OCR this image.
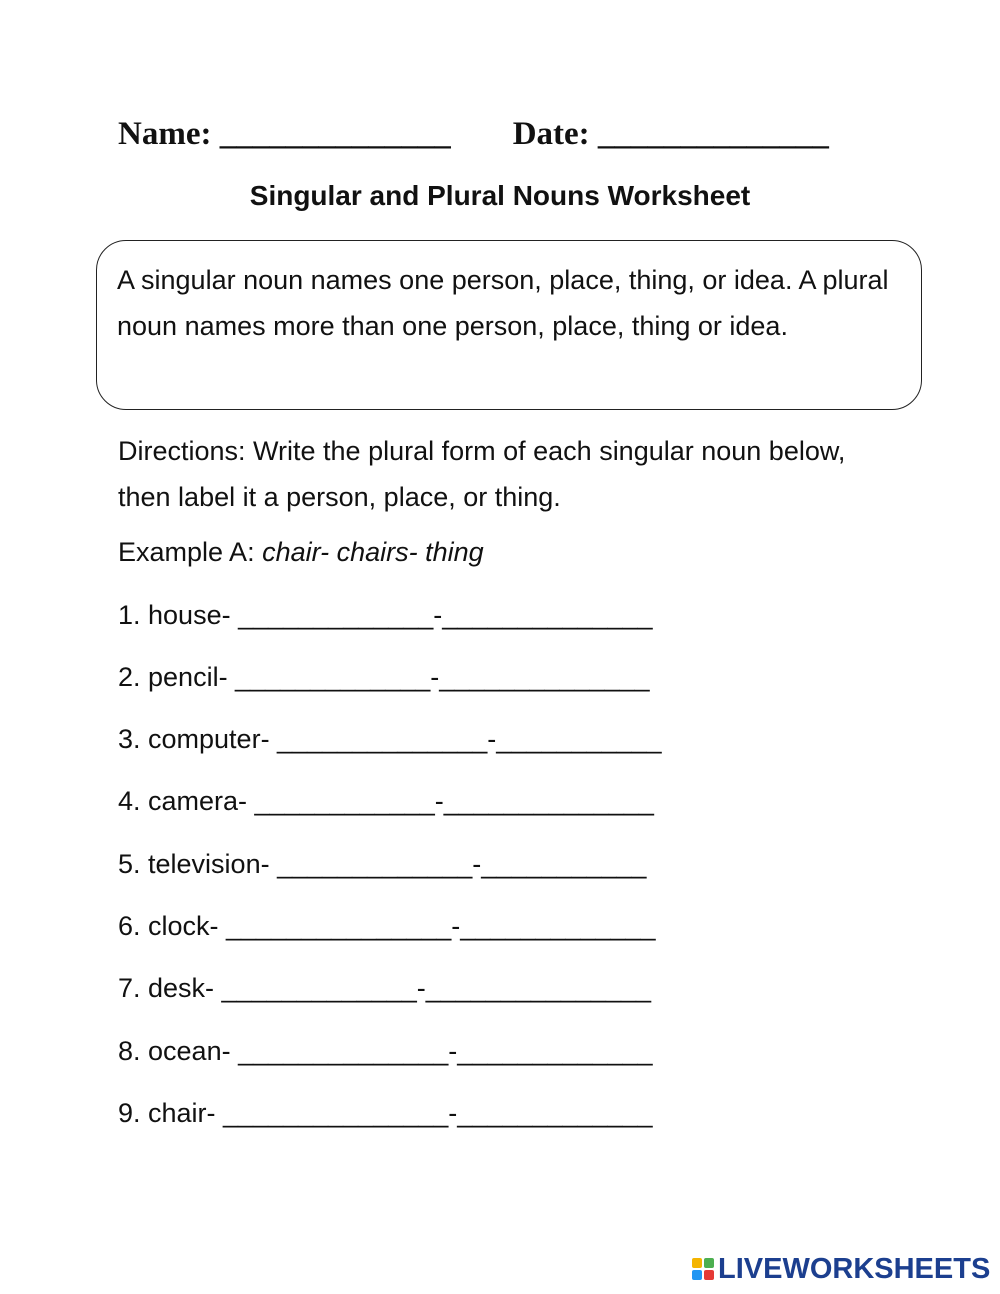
Name: ______________ Date: ______________
Singular and Plural Nouns Worksheet
A singular noun names one person, place, thing, or idea. A plural noun names more than one person, place, thing or idea.
Directions: Write the plural form of each singular noun below, then label it a person, place, or thing.
Example A: chair- chairs- thing
1. house- _____________-______________
2. pencil- _____________-______________
3. computer- ______________-___________
4. camera- ____________-______________
5. television- _____________-___________
6. clock- _______________-_____________
7. desk- _____________-_______________
8. ocean- ______________-_____________
9. chair- _______________-_____________
LIVEWORKSHEETS
